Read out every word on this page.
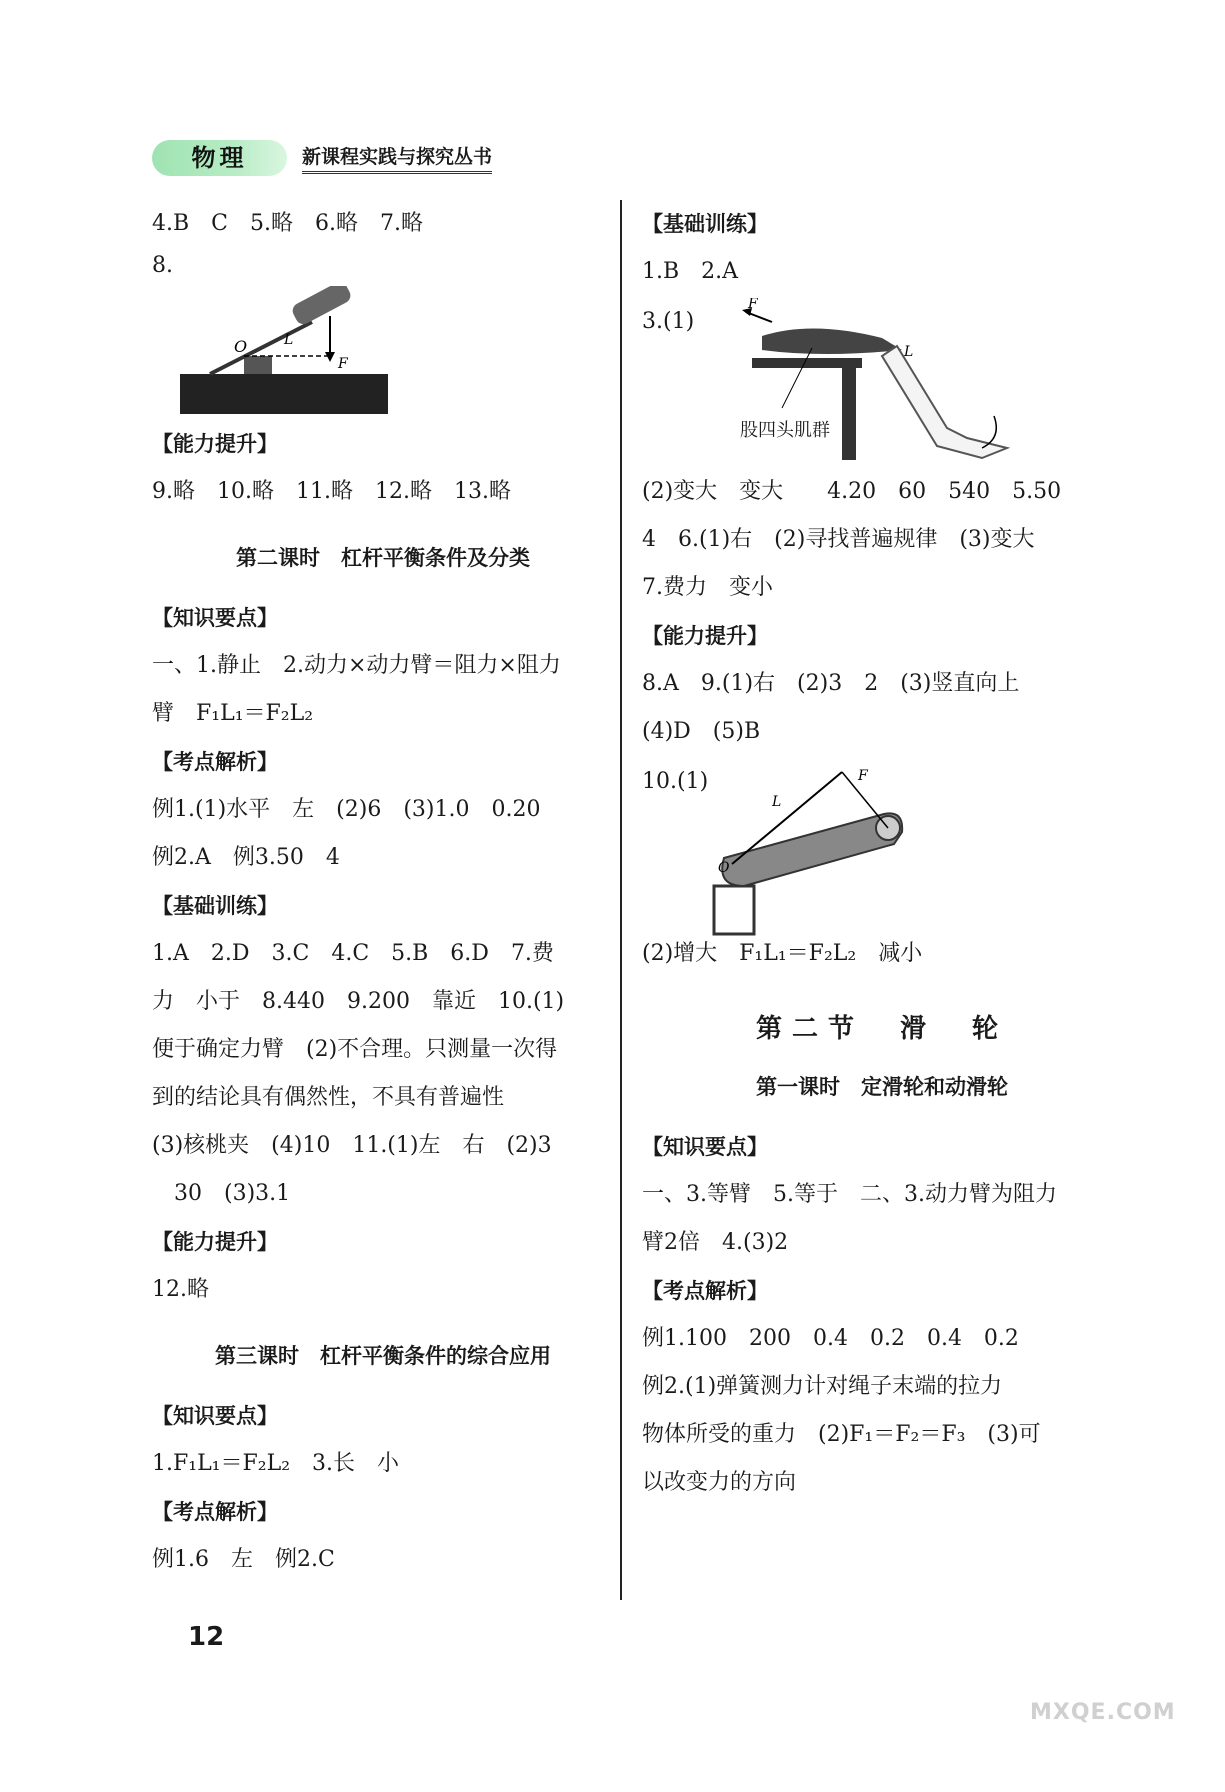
物理	新课程实践与探究丛书
4.B　C　5.略　6.略　7.略
8.
O	L
F
【能力提升】
9.略　10.略　11.略　12.略　13.略
第二课时　杠杆平衡条件及分类
【知识要点】
一、1.静止　2.动力×动力臂＝阻力×阻力
臂　F₁L₁＝F₂L₂
【考点解析】
例1.(1)水平　左　(2)6　(3)1.0　0.20
例2.A　例3.50　4
【基础训练】
1.A　2.D　3.C　4.C　5.B　6.D　7.费
力　小于　8.440　9.200　靠近　10.(1)
便于确定力臂　(2)不合理。只测量一次得
到的结论具有偶然性，不具有普遍性
(3)核桃夹　(4)10　11.(1)左　右　(2)3
30　(3)3.1
【能力提升】
12.略
第三课时　杠杆平衡条件的综合应用
【知识要点】
1.F₁L₁＝F₂L₂　3.长　小
【考点解析】
例1.6　左　例2.C
【基础训练】
1.B　2.A
3.(1)
F
L
股四头肌群
(2)变大　变大　　4.20　60　540　5.50
4　6.(1)右　(2)寻找普遍规律　(3)变大
7.费力　变小
【能力提升】
8.A　9.(1)右　(2)3　2　(3)竖直向上
(4)D　(5)B
10.(1)
O
L
F
(2)增大　F₁L₁＝F₂L₂　减小
第二节　滑　轮
第一课时　定滑轮和动滑轮
【知识要点】
一、3.等臂　5.等于　二、3.动力臂为阻力
臂2倍　4.(3)2
【考点解析】
例1.100　200　0.4　0.2　0.4　0.2
例2.(1)弹簧测力计对绳子末端的拉力
物体所受的重力　(2)F₁＝F₂＝F₃　(3)可
以改变力的方向
12
MXQE.COM
